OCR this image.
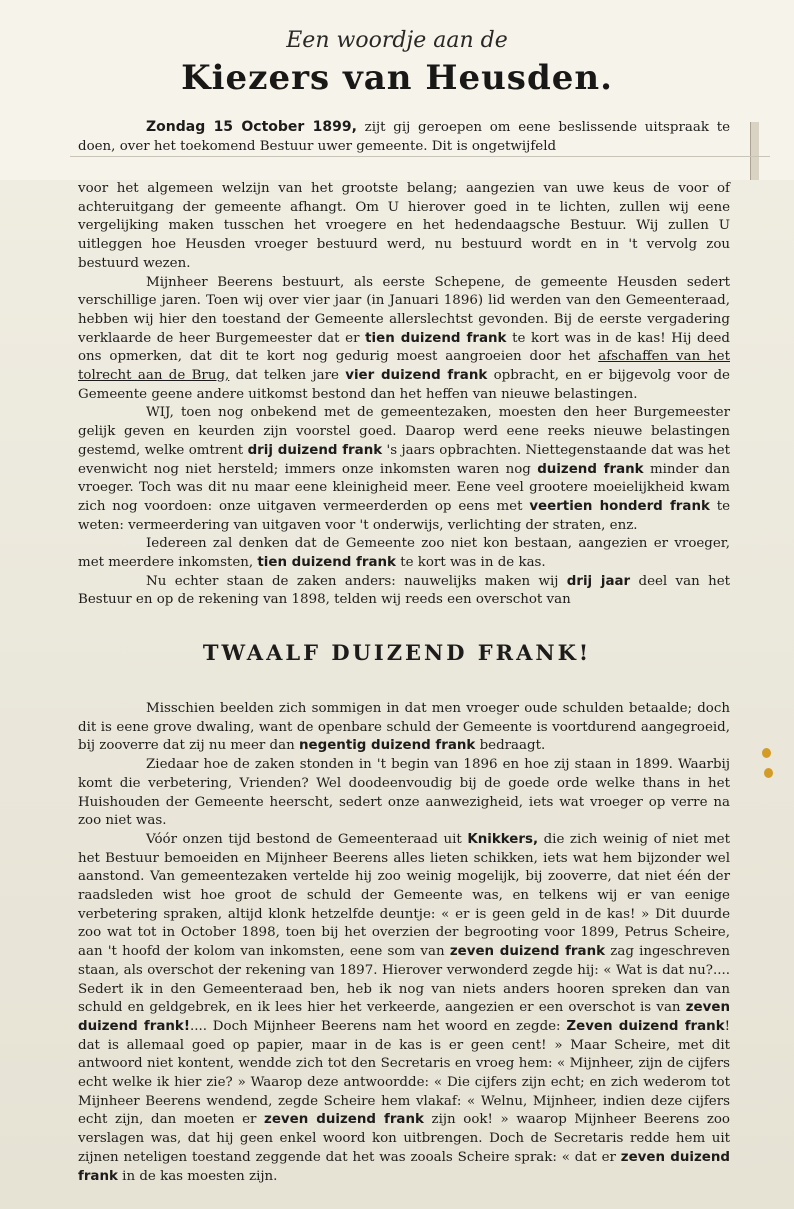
Een woordje aan de
Kiezers van Heusden.

Zondag 15 October 1899, zijt gij geroepen om eene beslissende uitspraak te doen, over het toekomend Bestuur uwer gemeente. Dit is ongetwijfeld

voor het algemeen welzijn van het grootste belang; aangezien van uwe keus de voor of achteruitgang der gemeente afhangt. Om U hierover goed in te lichten, zullen wij eene vergelijking maken tusschen het vroegere en het hedendaagsche Bestuur. Wij zullen U uitleggen hoe Heusden vroeger bestuurd werd, nu bestuurd wordt en in 't vervolg zou bestuurd wezen.

Mijnheer Beerens bestuurt, als eerste Schepene, de gemeente Heusden sedert verschillige jaren. Toen wij over vier jaar (in Januari 1896) lid werden van den Gemeenteraad, hebben wij hier den toestand der Gemeente allerslechtst gevonden. Bij de eerste vergadering verklaarde de heer Burgemeester dat er tien duizend frank te kort was in de kas! Hij deed ons opmerken, dat dit te kort nog gedurig moest aangroeien door het afschaffen van het tolrecht aan de Brug, dat telken jare vier duizend frank opbracht, en er bijgevolg voor de Gemeente geene andere uitkomst bestond dan het heffen van nieuwe belastingen.

WIJ, toen nog onbekend met de gemeentezaken, moesten den heer Burgemeester gelijk geven en keurden zijn voorstel goed. Daarop werd eene reeks nieuwe belastingen gestemd, welke omtrent drij duizend frank 's jaars opbrachten. Niettegenstaande dat was het evenwicht nog niet hersteld; immers onze inkomsten waren nog duizend frank minder dan vroeger. Toch was dit nu maar eene kleinigheid meer. Eene veel grootere moeielijkheid kwam zich nog voordoen: onze uitgaven vermeerderden op eens met veertien honderd frank te weten: vermeerdering van uitgaven voor 't onderwijs, verlichting der straten, enz.

Iedereen zal denken dat de Gemeente zoo niet kon bestaan, aangezien er vroeger, met meerdere inkomsten, tien duizend frank te kort was in de kas.

Nu echter staan de zaken anders: nauwelijks maken wij drij jaar deel van het Bestuur en op de rekening van 1898, telden wij reeds een overschot van

TWAALF DUIZEND FRANK!

Misschien beelden zich sommigen in dat men vroeger oude schulden betaalde; doch dit is eene grove dwaling, want de openbare schuld der Gemeente is voortdurend aangegroeid, bij zooverre dat zij nu meer dan negentig duizend frank bedraagt.

Ziedaar hoe de zaken stonden in 't begin van 1896 en hoe zij staan in 1899. Waarbij komt die verbetering, Vrienden? Wel doodeenvoudig bij de goede orde welke thans in het Huishouden der Gemeente heerscht, sedert onze aanwezigheid, iets wat vroeger op verre na zoo niet was.

Vóór onzen tijd bestond de Gemeenteraad uit Knikkers, die zich weinig of niet met het Bestuur bemoeiden en Mijnheer Beerens alles lieten schikken, iets wat hem bijzonder wel aanstond. Van gemeentezaken vertelde hij zoo weinig mogelijk, bij zooverre, dat niet één der raadsleden wist hoe groot de schuld der Gemeente was, en telkens wij er van eenige verbetering spraken, altijd klonk hetzelfde deuntje: « er is geen geld in de kas! » Dit duurde zoo wat tot in October 1898, toen bij het overzien der begrooting voor 1899, Petrus Scheire, aan 't hoofd der kolom van inkomsten, eene som van zeven duizend frank zag ingeschreven staan, als overschot der rekening van 1897. Hierover verwonderd zegde hij: « Wat is dat nu?.... Sedert ik in den Gemeenteraad ben, heb ik nog van niets anders hooren spreken dan van schuld en geldgebrek, en ik lees hier het verkeerde, aangezien er een overschot is van zeven duizend frank!.... Doch Mijnheer Beerens nam het woord en zegde: Zeven duizend frank! dat is allemaal goed op papier, maar in de kas is er geen cent! » Maar Scheire, met dit antwoord niet kontent, wendde zich tot den Secretaris en vroeg hem: « Mijnheer, zijn de cijfers echt welke ik hier zie? » Waarop deze antwoordde: « Die cijfers zijn echt; en zich wederom tot Mijnheer Beerens wendend, zegde Scheire hem vlakaf: « Welnu, Mijnheer, indien deze cijfers echt zijn, dan moeten er zeven duizend frank zijn ook! » waarop Mijnheer Beerens zoo verslagen was, dat hij geen enkel woord kon uitbrengen. Doch de Secretaris redde hem uit zijnen neteligen toestand zeggende dat het was zooals Scheire sprak: « dat er zeven duizend frank in de kas moesten zijn.
